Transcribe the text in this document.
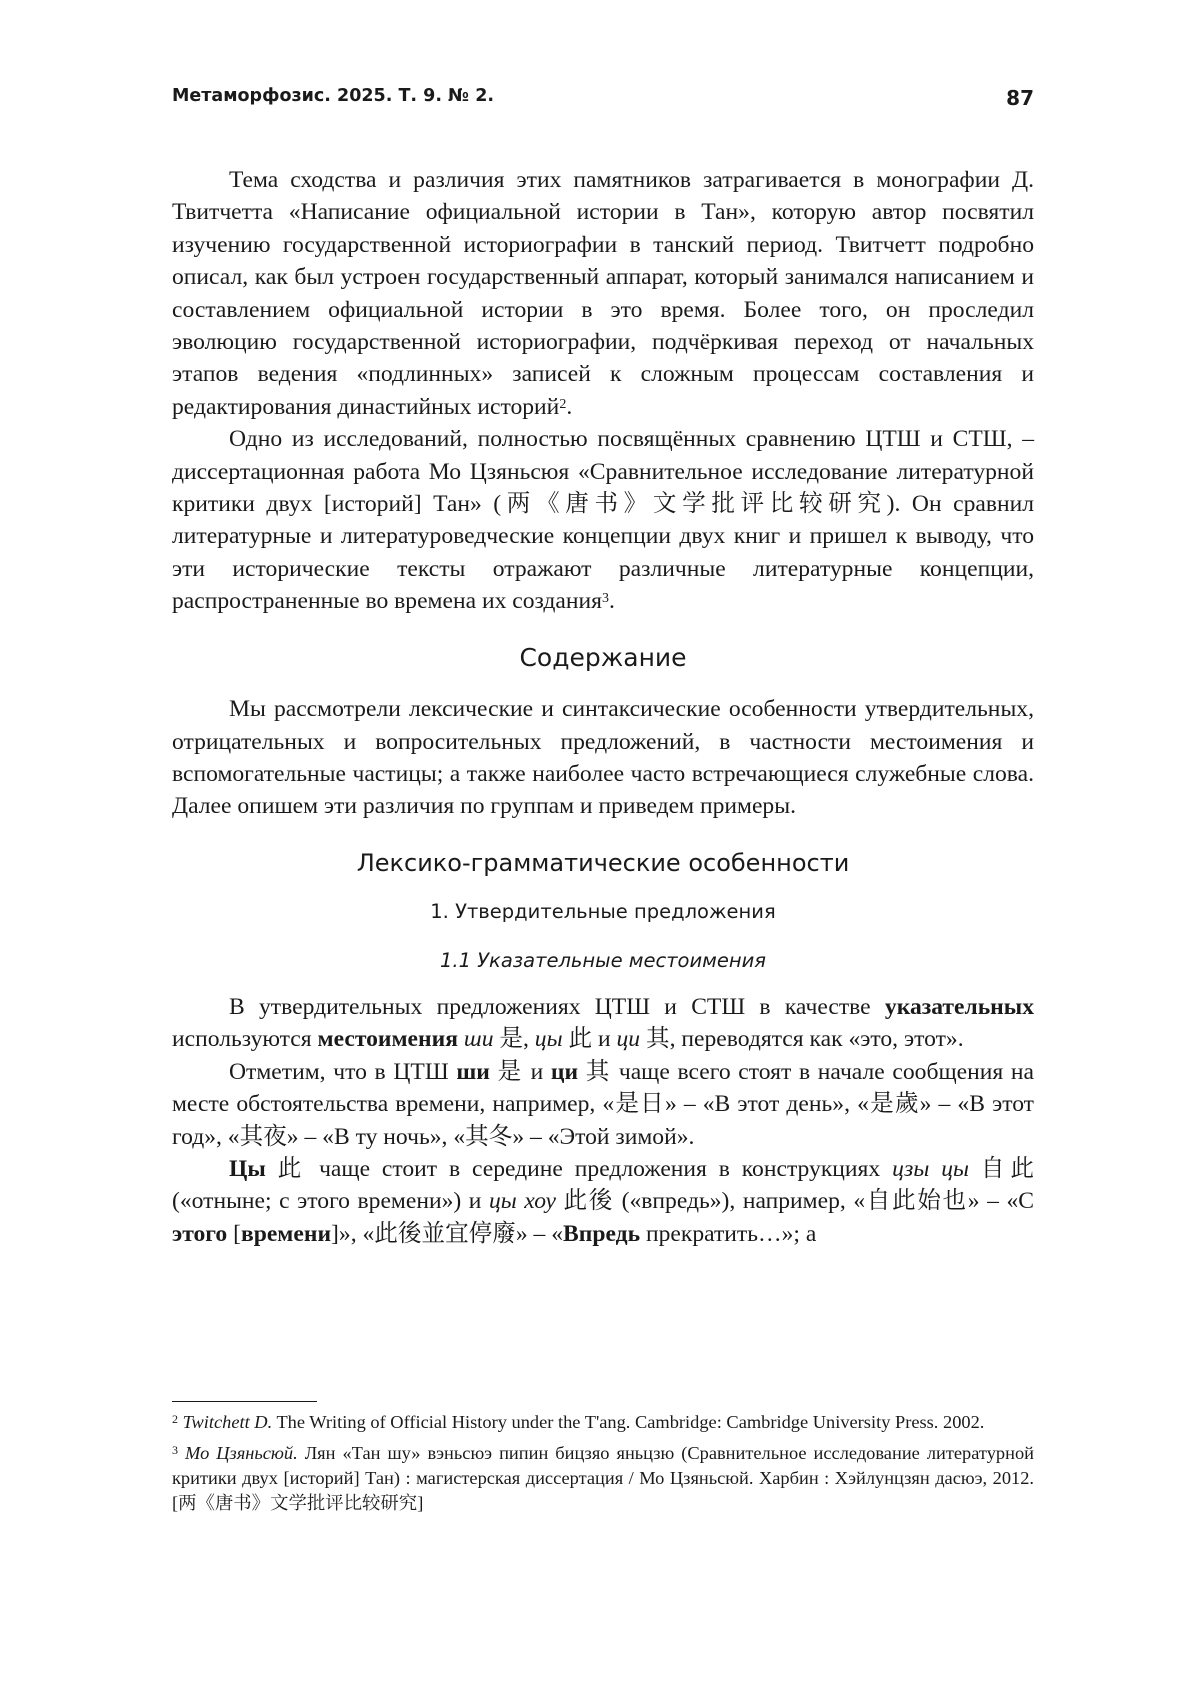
Метаморфозис. 2025. Т. 9. № 2.	87

Тема сходства и различия этих памятников затрагивается в монографии Д. Твитчетта «Написание официальной истории в Тан», которую автор посвятил изучению государственной историографии в танский период. Твитчетт подробно описал, как был устроен государственный аппарат, который занимался написанием и составлением официальной истории в это время. Более того, он проследил эволюцию государственной историографии, подчёркивая переход от начальных этапов ведения «подлинных» записей к сложным процессам составления и редактирования династийных историй2.

Одно из исследований, полностью посвящённых сравнению ЦТШ и СТШ, – диссертационная работа Мо Цзяньсюя «Сравнительное исследование литературной критики двух [историй] Тан» (两《唐书》文学批评比较研究). Он сравнил литературные и литературоведческие концепции двух книг и пришел к выводу, что эти исторические тексты отражают различные литературные концепции, распространенные во времена их создания3.

Содержание

Мы рассмотрели лексические и синтаксические особенности утвердительных, отрицательных и вопросительных предложений, в частности местоимения и вспомогательные частицы; а также наиболее часто встречающиеся служебные слова. Далее опишем эти различия по группам и приведем примеры.

Лексико-грамматические особенности
1. Утвердительные предложения
1.1 Указательные местоимения

В утвердительных предложениях ЦТШ и СТШ в качестве указательных используются местоимения ши 是, цы 此 и ци 其, переводятся как «это, этот».

Отметим, что в ЦТШ ши 是 и ци 其 чаще всего стоят в начале сообщения на месте обстоятельства времени, например, «是日» – «В этот день», «是歲» – «В этот год», «其夜» – «В ту ночь», «其冬» – «Этой зимой».

Цы 此 чаще стоит в середине предложения в конструкциях цзы цы 自此 («отныне; с этого времени») и цы хоу 此後 («впредь»), например, «自此始也» – «С этого [времени]», «此後並宜停廢» – «Впредь прекратить…»; а

2 Twitchett D. The Writing of Official History under the T'ang. Cambridge: Cambridge University Press. 2002.

3 Мо Цзяньсюй. Лян «Тан шу» вэньсюэ пипин бицзяо яньцзю (Сравнительное исследование литературной критики двух [историй] Тан) : магистерская диссертация / Мо Цзяньсюй. Харбин : Хэйлунцзян дасюэ, 2012. [两《唐书》文学批评比较研究]
